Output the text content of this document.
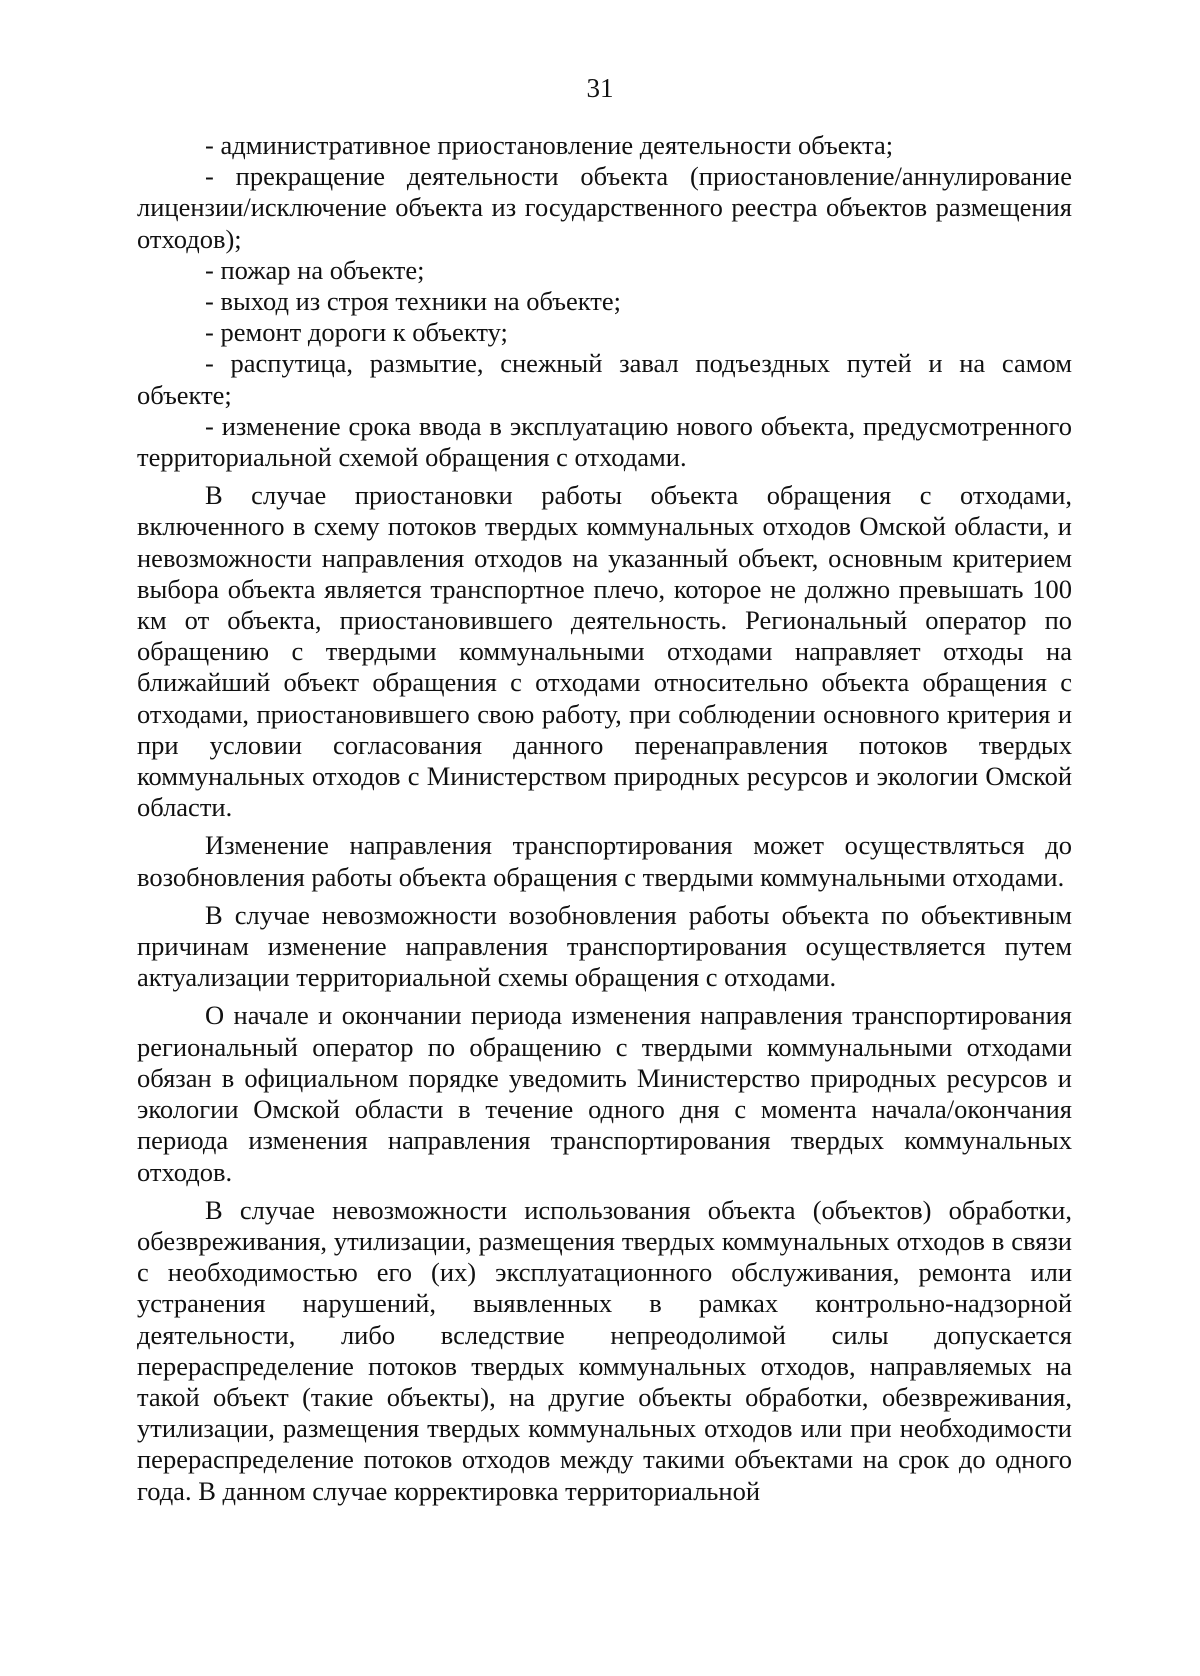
31

- административное приостановление деятельности объекта;

- прекращение деятельности объекта (приостановление/аннулирование лицензии/исключение объекта из государственного реестра объектов размещения отходов);

- пожар на объекте;

- выход из строя техники на объекте;

- ремонт дороги к объекту;

- распутица, размытие, снежный завал подъездных путей и на самом объекте;

- изменение срока ввода в эксплуатацию нового объекта, предусмотренного территориальной схемой обращения с отходами.

В случае приостановки работы объекта обращения с отходами, включенного в схему потоков твердых коммунальных отходов Омской области, и невозможности направления отходов на указанный объект, основным критерием выбора объекта является транспортное плечо, которое не должно превышать 100 км от объекта, приостановившего деятельность. Региональный оператор по обращению с твердыми коммунальными отходами направляет отходы на ближайший объект обращения с отходами относительно объекта обращения с отходами, приостановившего свою работу, при соблюдении основного критерия и при условии согласования данного перенаправления потоков твердых коммунальных отходов с Министерством природных ресурсов и экологии Омской области.

Изменение направления транспортирования может осуществляться до возобновления работы объекта обращения с твердыми коммунальными отходами.

В случае невозможности возобновления работы объекта по объективным причинам изменение направления транспортирования осуществляется путем актуализации территориальной схемы обращения с отходами.

О начале и окончании периода изменения направления транспортирования региональный оператор по обращению с твердыми коммунальными отходами обязан в официальном порядке уведомить Министерство природных ресурсов и экологии Омской области в течение одного дня с момента начала/окончания периода изменения направления транспортирования твердых коммунальных отходов.

В случае невозможности использования объекта (объектов) обработки, обезвреживания, утилизации, размещения твердых коммунальных отходов в связи с необходимостью его (их) эксплуатационного обслуживания, ремонта или устранения нарушений, выявленных в рамках контрольно-надзорной деятельности, либо вследствие непреодолимой силы допускается перераспределение потоков твердых коммунальных отходов, направляемых на такой объект (такие объекты), на другие объекты обработки, обезвреживания, утилизации, размещения твердых коммунальных отходов или при необходимости перераспределение потоков отходов между такими объектами на срок до одного года. В данном случае корректировка территориальной
